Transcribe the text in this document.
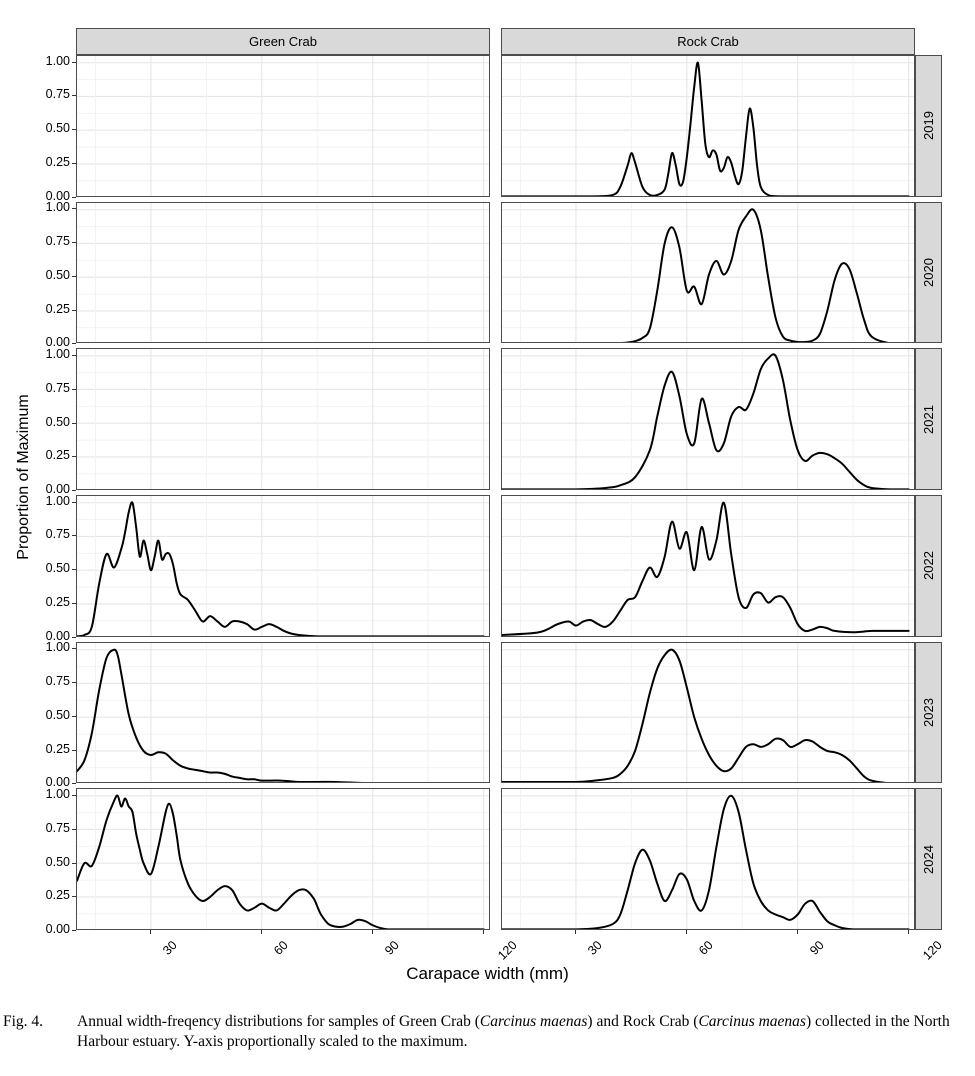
Proportion of Maximum
Carapace width (mm)
Green Crab	Rock Crab
2019
2020
2021
2022
2023
2024
0.00
0.25
0.50
0.75
1.00
0.00
0.25
0.50
0.75
1.00
0.00
0.25
0.50
0.75
1.00
0.00
0.25
0.50
0.75
1.00
0.00
0.25
0.50
0.75
1.00
0.00
0.25
0.50
0.75
1.00
30	60	90	120	30	60	90	120
Fig. 4.	Annual width-freqency distributions for samples of Green Crab (Carcinus maenas) and Rock Crab (Carcinus maenas) collected in the North Harbour estuary. Y-axis proportionally scaled to the maximum.
